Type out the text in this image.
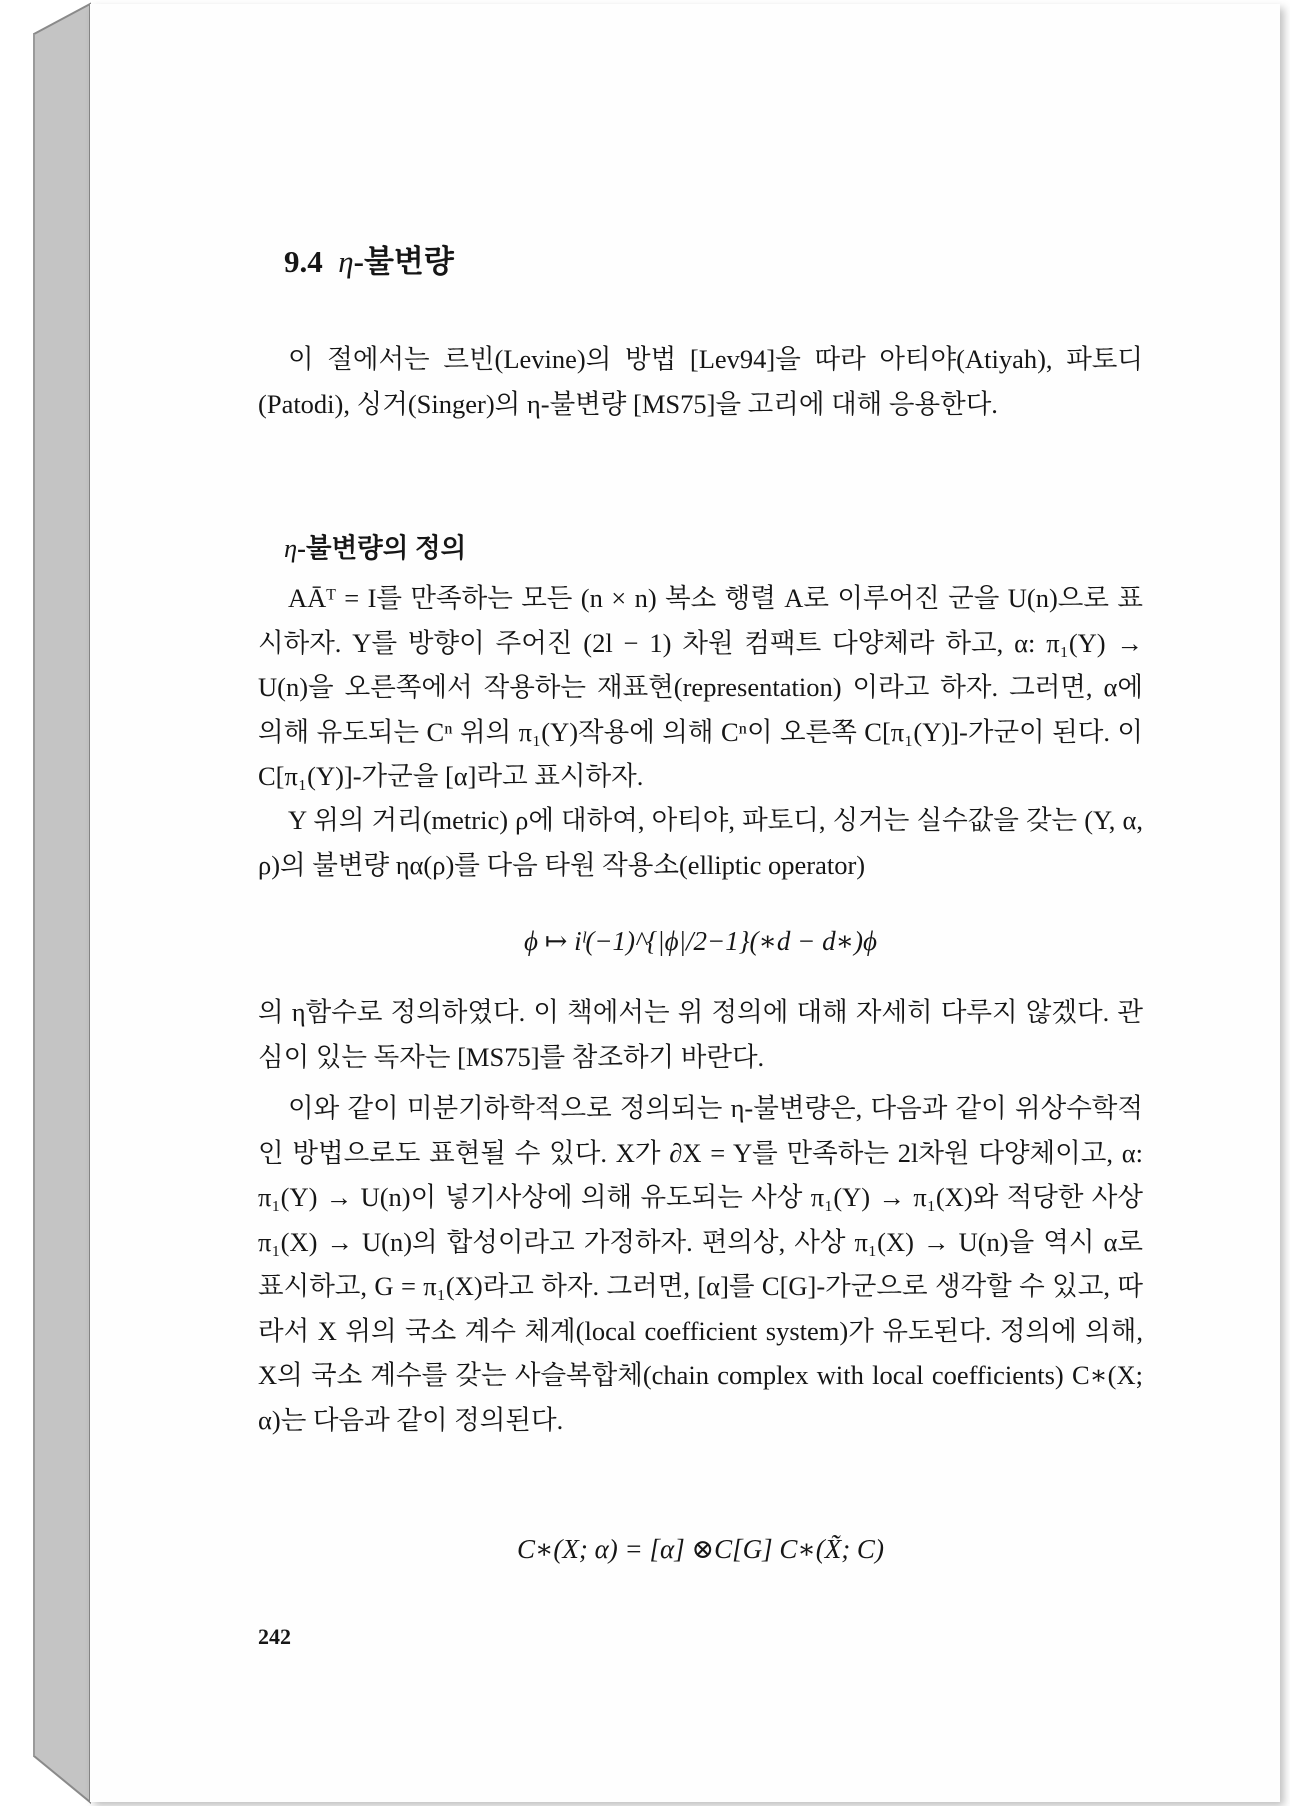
9.4 η-불변량
이 절에서는 르빈(Levine)의 방법 [Lev94]을 따라 아티야(Atiyah), 파토디(Patodi), 싱거(Singer)의 η-불변량 [MS75]을 고리에 대해 응용한다.
η-불변량의 정의
AĀᵀ = I를 만족하는 모든 (n × n) 복소 행렬 A로 이루어진 군을 U(n)으로 표시하자. Y를 방향이 주어진 (2l − 1) 차원 컴팩트 다양체라 하고, α: π₁(Y) → U(n)을 오른쪽에서 작용하는 재표현(representation) 이라고 하자. 그러면, α에 의해 유도되는 Cⁿ 위의 π₁(Y)작용에 의해 Cⁿ이 오른쪽 C[π₁(Y)]-가군이 된다. 이 C[π₁(Y)]-가군을 [α]라고 표시하자.
Y 위의 거리(metric) ρ에 대하여, 아티야, 파토디, 싱거는 실수값을 갖는 (Y, α, ρ)의 불변량 ηα(ρ)를 다음 타원 작용소(elliptic operator)
ϕ ↦ iˡ(−1)^{|ϕ|/2−1}(∗d − d∗)ϕ
의 η함수로 정의하였다. 이 책에서는 위 정의에 대해 자세히 다루지 않겠다. 관심이 있는 독자는 [MS75]를 참조하기 바란다.
이와 같이 미분기하학적으로 정의되는 η-불변량은, 다음과 같이 위상수학적인 방법으로도 표현될 수 있다. X가 ∂X = Y를 만족하는 2l차원 다양체이고, α: π₁(Y) → U(n)이 넣기사상에 의해 유도되는 사상 π₁(Y) → π₁(X)와 적당한 사상 π₁(X) → U(n)의 합성이라고 가정하자. 편의상, 사상 π₁(X) → U(n)을 역시 α로 표시하고, G = π₁(X)라고 하자. 그러면, [α]를 C[G]-가군으로 생각할 수 있고, 따라서 X 위의 국소 계수 체계(local coefficient system)가 유도된다. 정의에 의해, X의 국소 계수를 갖는 사슬복합체(chain complex with local coefficients) C∗(X; α)는 다음과 같이 정의된다.
C∗(X; α) = [α] ⊗C[G] C∗(X̃; C)
242
